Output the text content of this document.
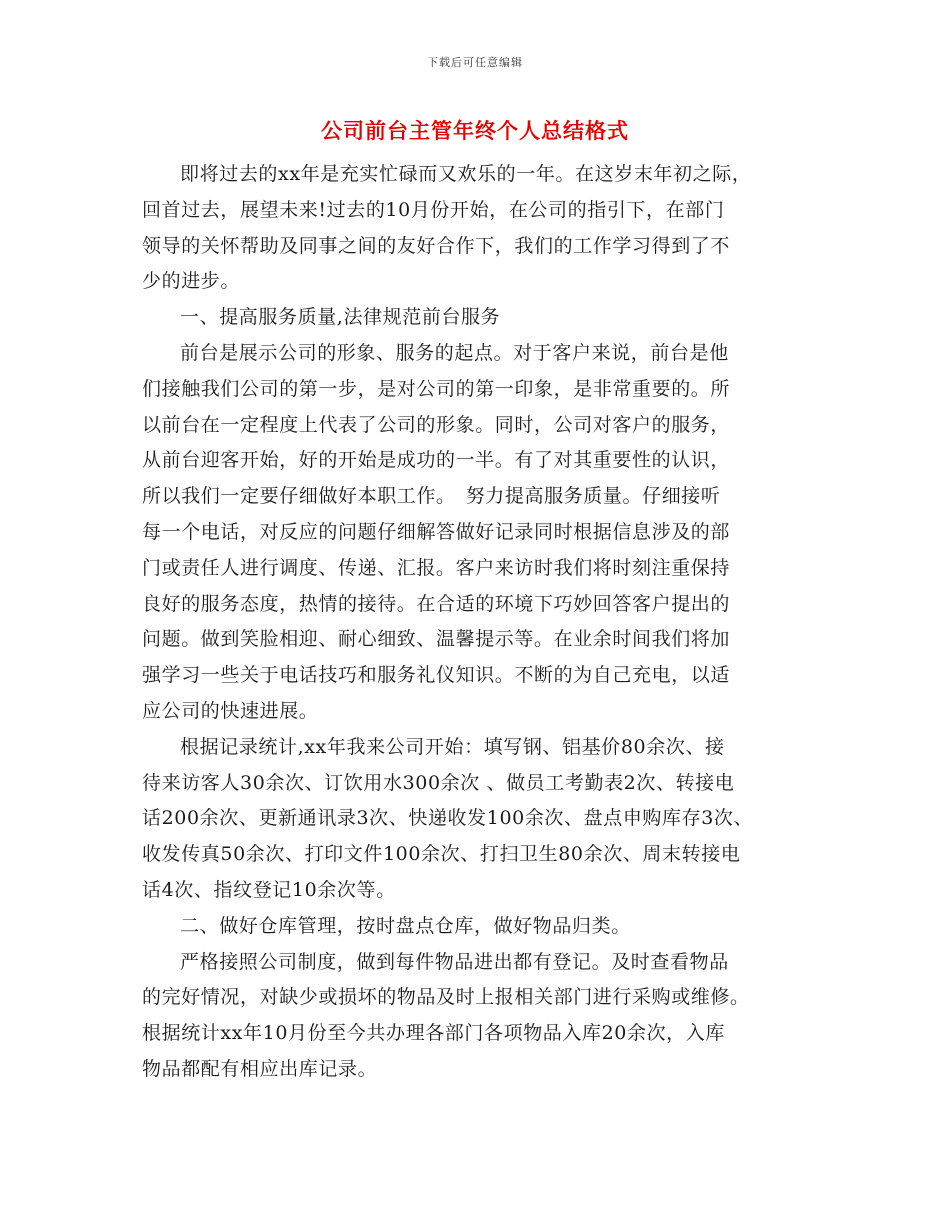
下载后可任意编辑
公司前台主管年终个人总结格式

即将过去的xx年是充实忙碌而又欢乐的一年。在这岁末年初之际，
回首过去，展望未来!过去的10月份开始，在公司的指引下，在部门
领导的关怀帮助及同事之间的友好合作下，我们的工作学习得到了不
少的进步。

一、提高服务质量,法律规范前台服务

前台是展示公司的形象、服务的起点。对于客户来说，前台是他
们接触我们公司的第一步，是对公司的第一印象，是非常重要的。所
以前台在一定程度上代表了公司的形象。同时，公司对客户的服务，
从前台迎客开始，好的开始是成功的一半。有了对其重要性的认识，
所以我们一定要仔细做好本职工作。　努力提高服务质量。仔细接听
每一个电话，对反应的问题仔细解答做好记录同时根据信息涉及的部
门或责任人进行调度、传递、汇报。客户来访时我们将时刻注重保持
良好的服务态度，热情的接待。在合适的环境下巧妙回答客户提出的
问题。做到笑脸相迎、耐心细致、温馨提示等。在业余时间我们将加
强学习一些关于电话技巧和服务礼仪知识。不断的为自己充电，以适
应公司的快速进展。

根据记录统计,xx年我来公司开始：填写钢、铝基价80余次、接
待来访客人30余次、订饮用水300余次 、做员工考勤表2次、转接电
话200余次、更新通讯录3次、快递收发100余次、盘点申购库存3次、
收发传真50余次、打印文件100余次、打扫卫生80余次、周末转接电
话4次、指纹登记10余次等。

二、做好仓库管理，按时盘点仓库，做好物品归类。

严格接照公司制度，做到每件物品进出都有登记。及时查看物品
的完好情况，对缺少或损坏的物品及时上报相关部门进行采购或维修。
根据统计xx年10月份至今共办理各部门各项物品入库20余次，入库
物品都配有相应出库记录。
